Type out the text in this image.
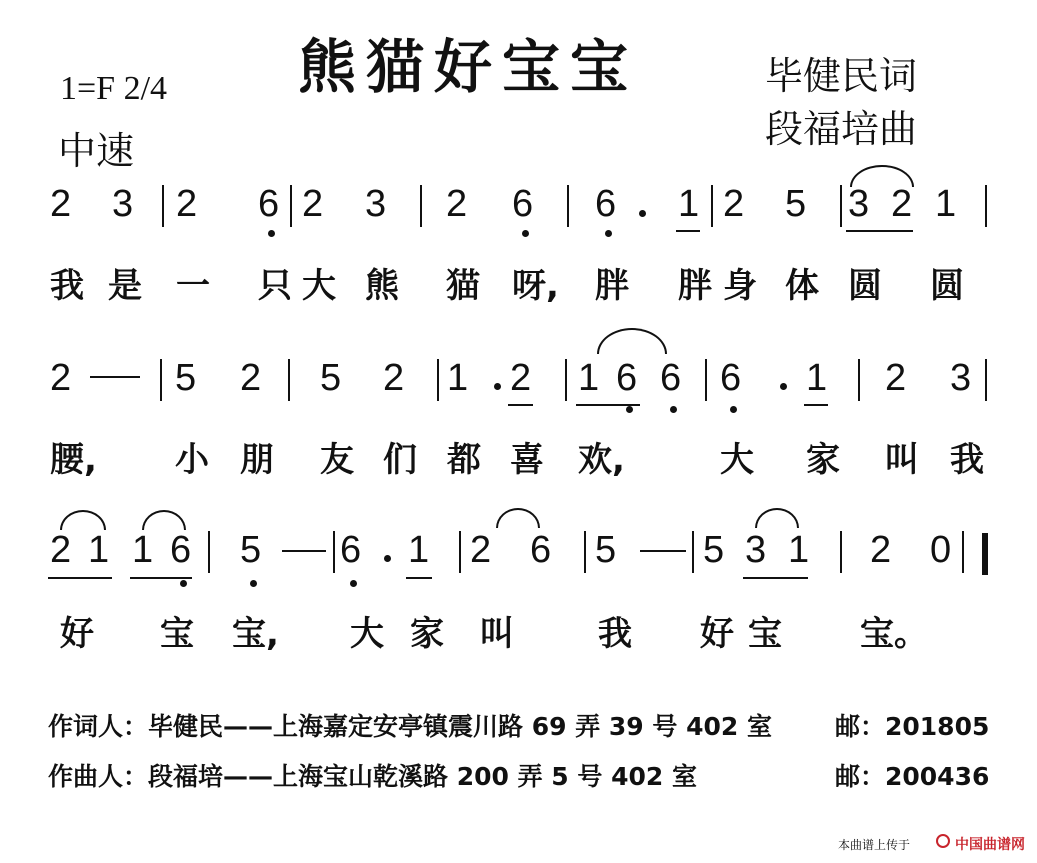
熊猫好宝宝
1=F 2/4
中速
毕健民词
段福培曲
2 3 2 6 2 3 2 6 6 1 2 5 3 2 1
我 是 一 只 大 熊 猫 呀, 胖 胖 身 体 圆 圆
2	5 2 5 2 1 2 1 6 6 6 1 2 3
腰, 小 朋 友 们 都 喜 欢,	大 家 叫 我
2 1 1 6 5 6 1 2 6 5 5 3 1 2 0
好 宝 宝, 大 家 叫 我 好 宝 宝。
作词人：毕健民——上海嘉定安亭镇震川路 69 弄 39 号 402 室	邮：201805
作曲人：段福培——上海宝山乾溪路 200 弄 5 号 402 室	邮：200436
本曲谱上传于	中国曲谱网
